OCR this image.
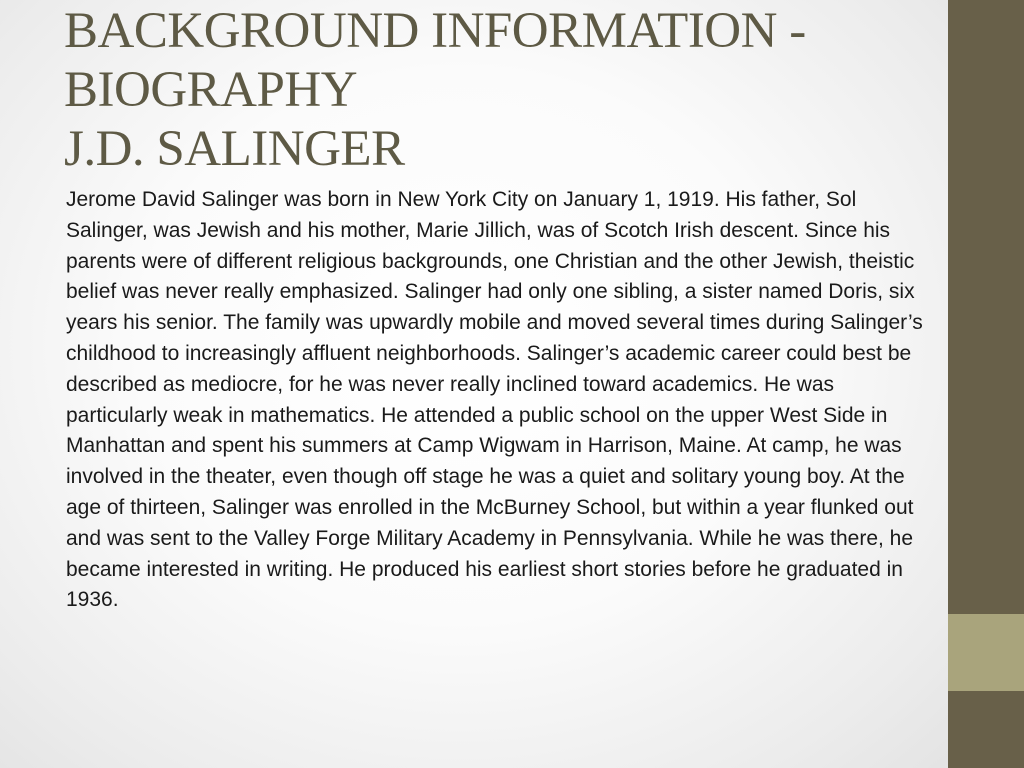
BACKGROUND INFORMATION -
BIOGRAPHY
J.D. SALINGER

Jerome David Salinger was born in New York City on January 1, 1919. His father, Sol Salinger, was Jewish and his mother, Marie Jillich, was of Scotch Irish descent. Since his parents were of different religious backgrounds, one Christian and the other Jewish, theistic belief was never really emphasized. Salinger had only one sibling, a sister named Doris, six years his senior. The family was upwardly mobile and moved several times during Salinger’s childhood to increasingly affluent neighborhoods. Salinger’s academic career could best be described as mediocre, for he was never really inclined toward academics. He was particularly weak in mathematics. He attended a public school on the upper West Side in Manhattan and spent his summers at Camp Wigwam in Harrison, Maine. At camp, he was involved in the theater, even though off stage he was a quiet and solitary young boy. At the age of thirteen, Salinger was enrolled in the McBurney School, but within a year flunked out and was sent to the Valley Forge Military Academy in Pennsylvania. While he was there, he became interested in writing. He produced his earliest short stories before he graduated in 1936.
